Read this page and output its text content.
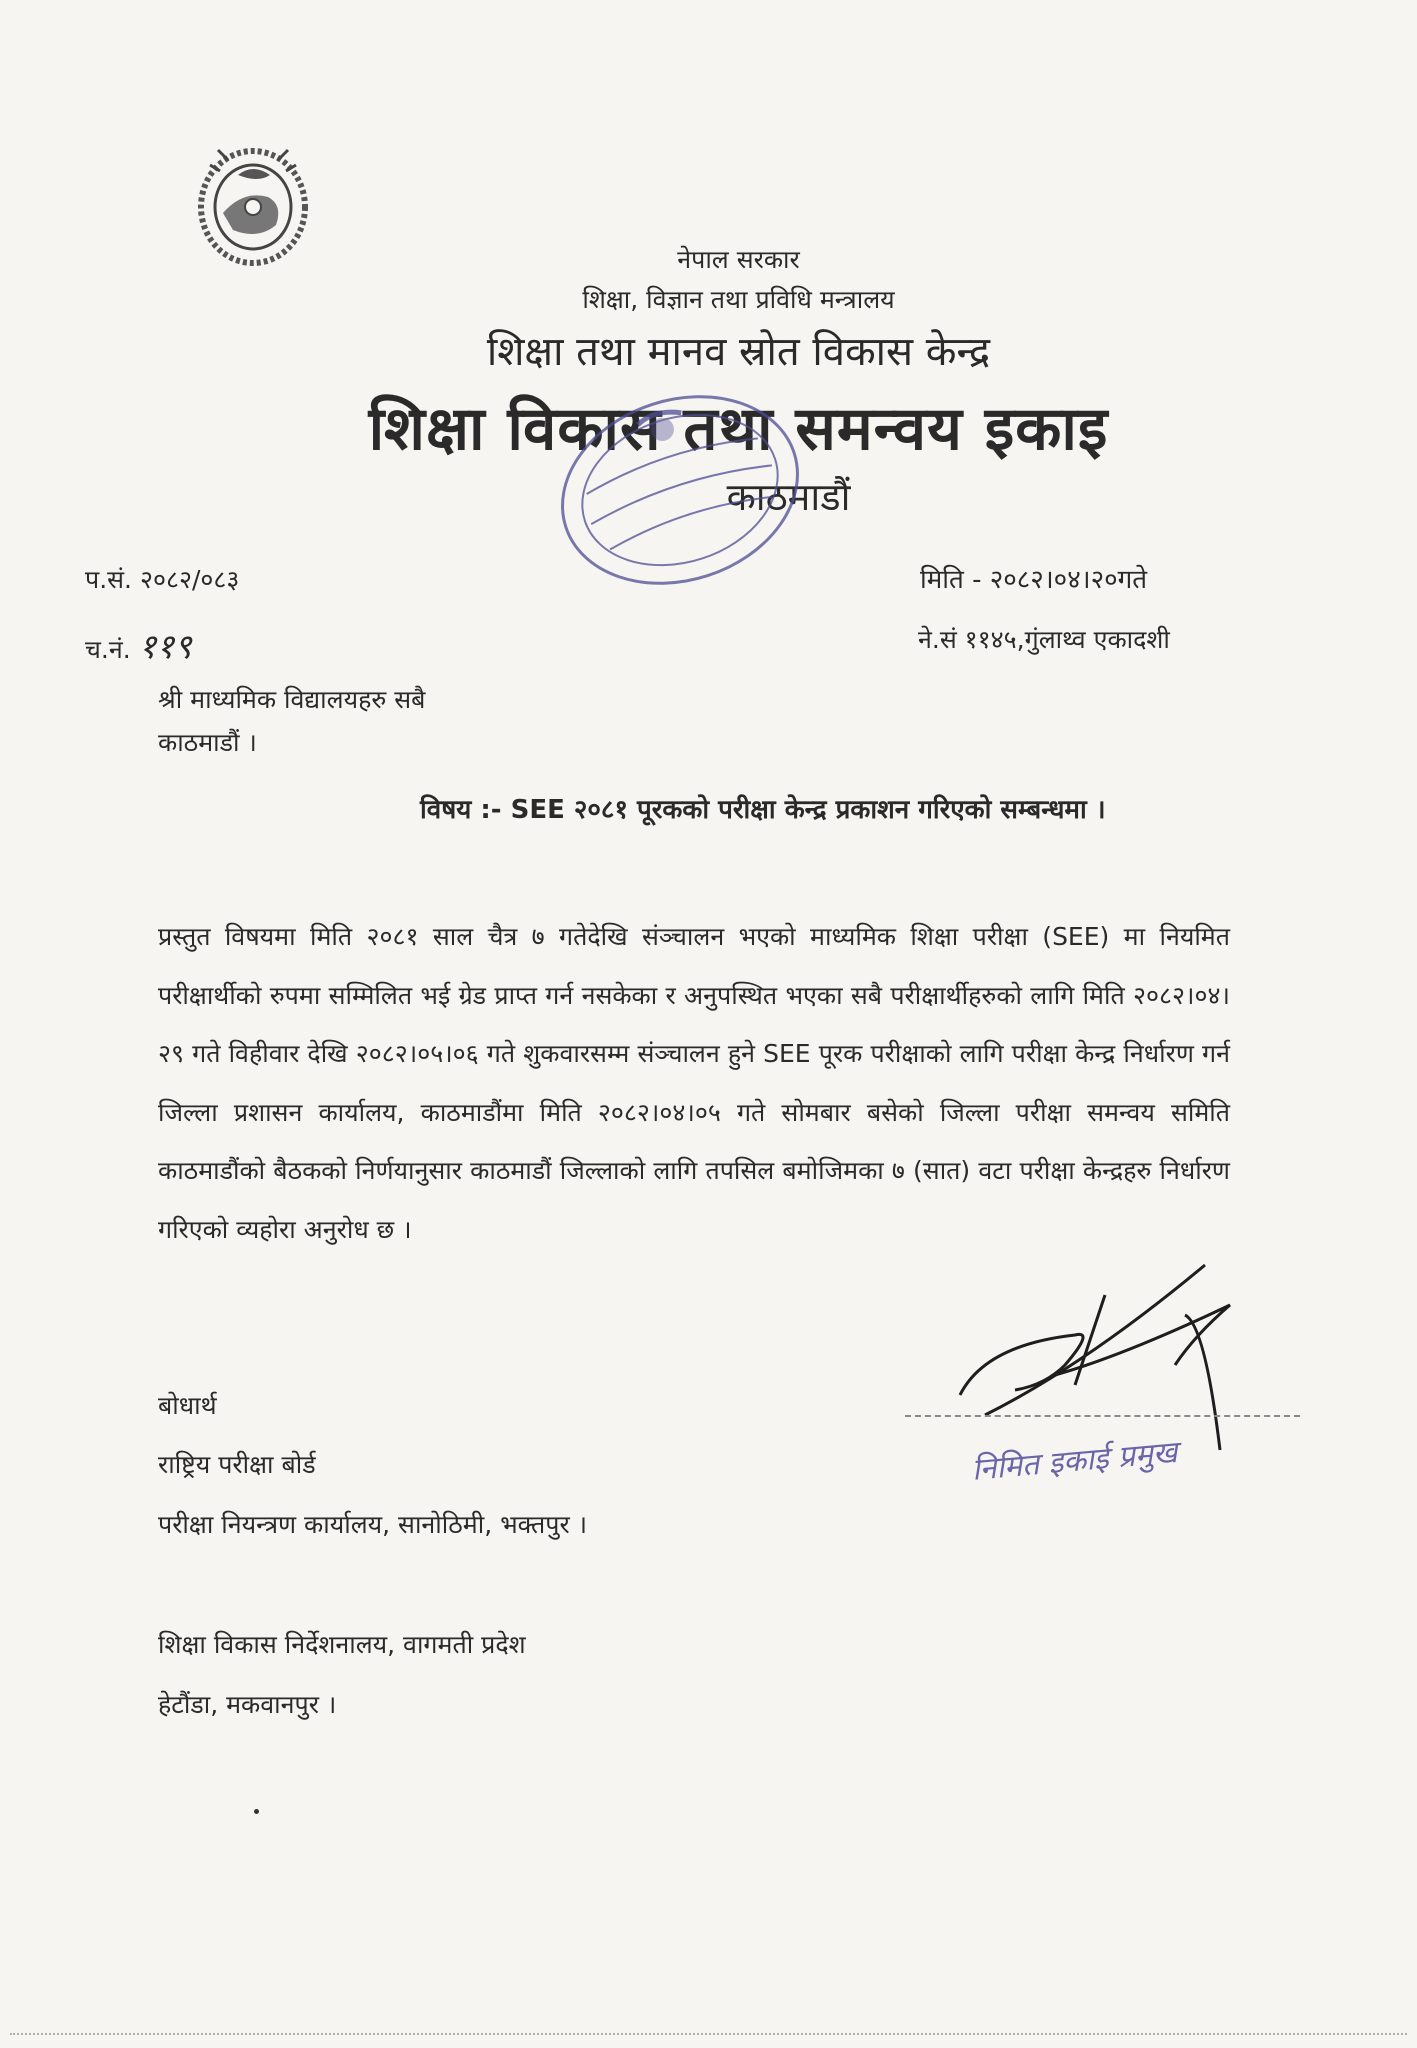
नेपाल सरकार
शिक्षा, विज्ञान तथा प्रविधि मन्त्रालय
शिक्षा तथा मानव स्रोत विकास केन्द्र
शिक्षा विकास तथा समन्वय इकाइ
काठमाडौं
प.सं. २०८२/०८३	मिति - २०८२।०४।२०गते
च.नं. ११९	ने.सं ११४५,गुंलाथ्व एकादशी
श्री माध्यमिक विद्यालयहरु सबै
काठमाडौं ।
विषय :- SEE २०८१ पूरकको परीक्षा केन्द्र प्रकाशन गरिएको सम्बन्धमा ।
प्रस्तुत विषयमा मिति २०८१ साल चैत्र ७ गतेदेखि संञ्चालन भएको माध्यमिक शिक्षा परीक्षा (SEE) मा नियमित परीक्षार्थीको रुपमा सम्मिलित भई ग्रेड प्राप्त गर्न नसकेका र अनुपस्थित भएका सबै परीक्षार्थीहरुको लागि मिति २०८२।०४।२९ गते विहीवार देखि २०८२।०५।०६ गते शुकवारसम्म संञ्चालन हुने SEE पूरक परीक्षाको लागि परीक्षा केन्द्र निर्धारण गर्न जिल्ला प्रशासन कार्यालय, काठमाडौंमा मिति २०८२।०४।०५ गते सोमबार बसेको जिल्ला परीक्षा समन्वय समिति काठमाडौंको बैठकको निर्णयानुसार काठमाडौं जिल्लाको लागि तपसिल बमोजिमका ७ (सात) वटा परीक्षा केन्द्रहरु निर्धारण गरिएको व्यहोरा अनुरोध छ ।
निमित इकाई प्रमुख
बोधार्थ
राष्ट्रिय परीक्षा बोर्ड
परीक्षा नियन्त्रण कार्यालय, सानोठिमी, भक्तपुर ।
शिक्षा विकास निर्देशनालय, वागमती प्रदेश
हेटौंडा, मकवानपुर ।
